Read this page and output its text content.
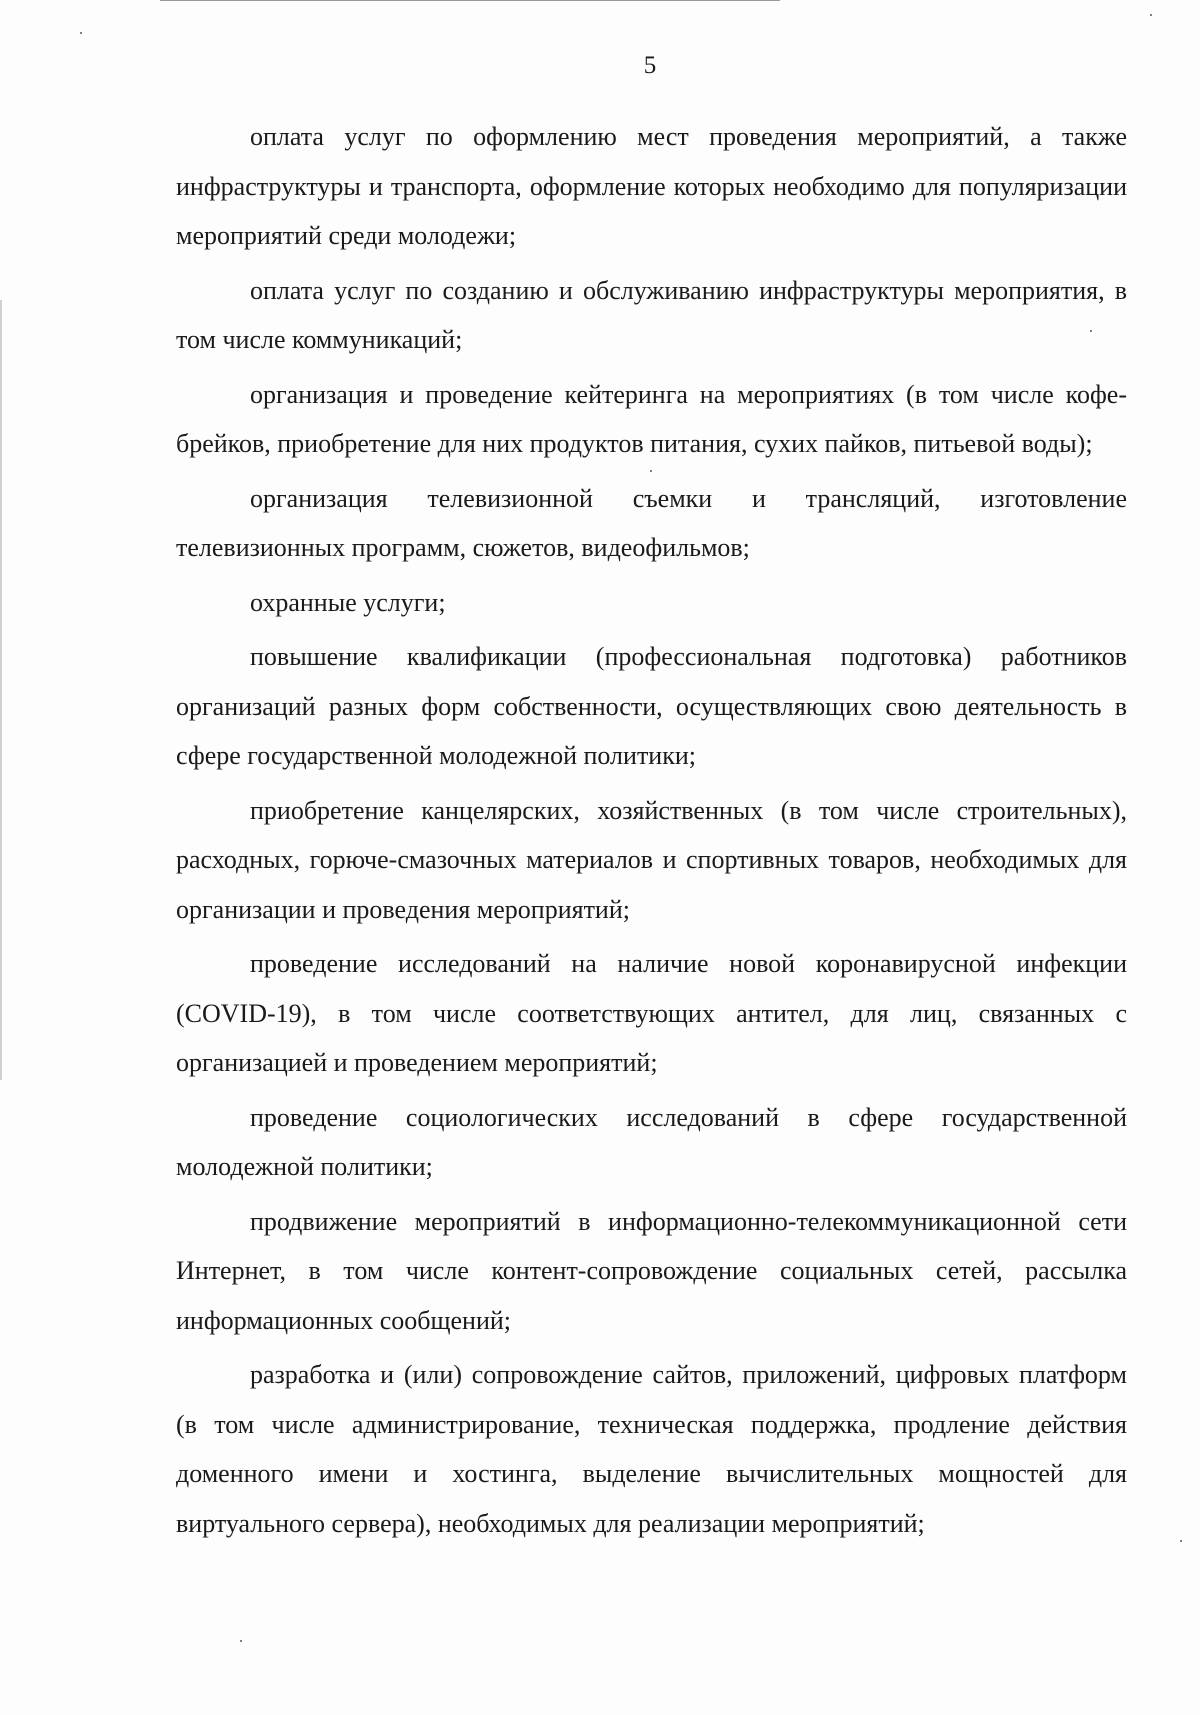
5

оплата услуг по оформлению мест проведения мероприятий, а также инфраструктуры и транспорта, оформление которых необходимо для популяризации мероприятий среди молодежи;

оплата услуг по созданию и обслуживанию инфраструктуры мероприятия, в том числе коммуникаций;

организация и проведение кейтеринга на мероприятиях (в том числе кофе-брейков, приобретение для них продуктов питания, сухих пайков, питьевой воды);

организация телевизионной съемки и трансляций, изготовление телевизионных программ, сюжетов, видеофильмов;

охранные услуги;

повышение квалификации (профессиональная подготовка) работников организаций разных форм собственности, осуществляющих свою деятельность в сфере государственной молодежной политики;

приобретение канцелярских, хозяйственных (в том числе строительных), расходных, горюче-смазочных материалов и спортивных товаров, необходимых для организации и проведения мероприятий;

проведение исследований на наличие новой коронавирусной инфекции (COVID-19), в том числе соответствующих антител, для лиц, связанных с организацией и проведением мероприятий;

проведение социологических исследований в сфере государственной молодежной политики;

продвижение мероприятий в информационно-телекоммуникационной сети Интернет, в том числе контент-сопровождение социальных сетей, рассылка информационных сообщений;

разработка и (или) сопровождение сайтов, приложений, цифровых платформ (в том числе администрирование, техническая поддержка, продление действия доменного имени и хостинга, выделение вычислительных мощностей для виртуального сервера), необходимых для реализации мероприятий;
